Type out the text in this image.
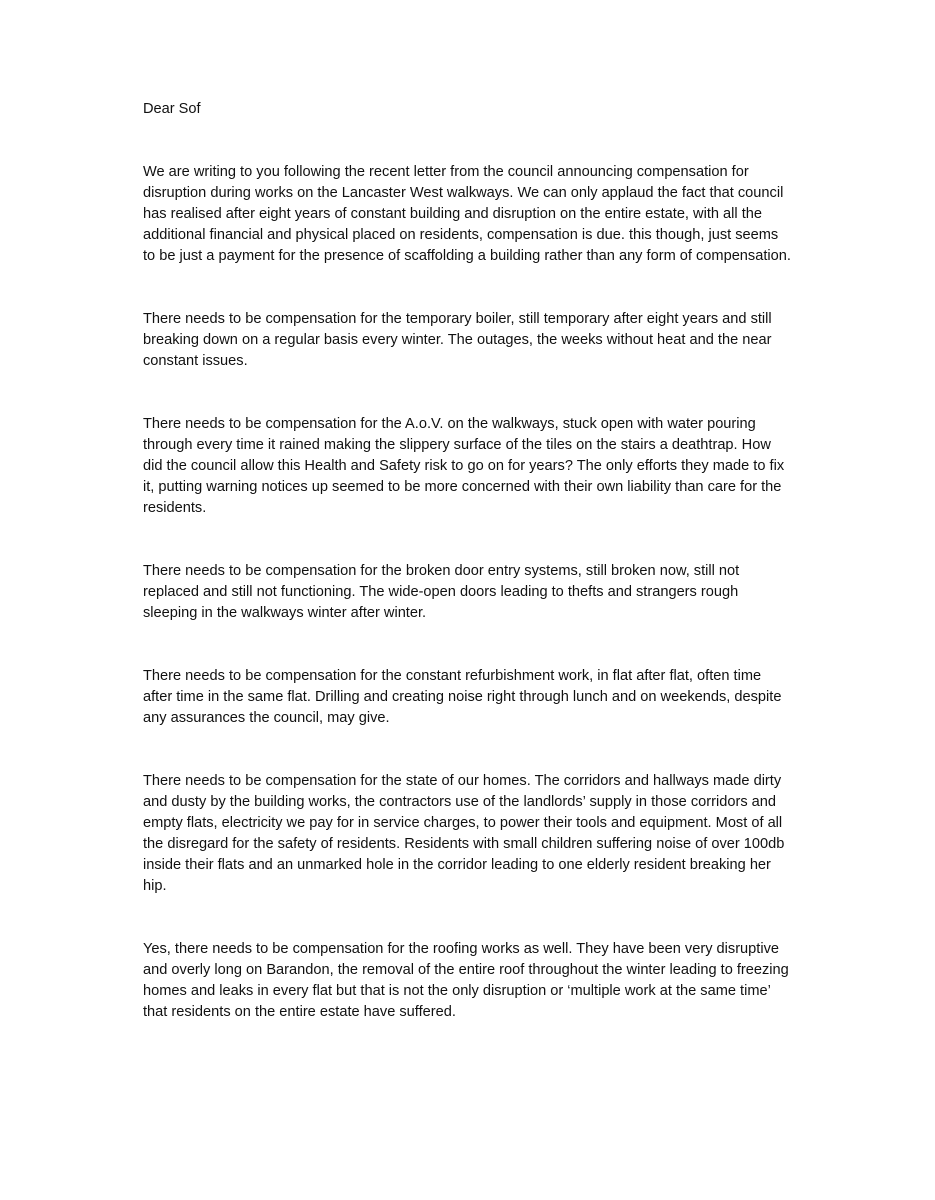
Dear Sof

We are writing to you following the recent letter from the council announcing compensation for disruption during works on the Lancaster West walkways. We can only applaud the fact that council has realised after eight years of constant building and disruption on the entire estate, with all the additional financial and physical placed on residents, compensation is due. this though, just seems to be just a payment for the presence of scaffolding a building rather than any form of compensation.

There needs to be compensation for the temporary boiler, still temporary after eight years and still breaking down on a regular basis every winter. The outages, the weeks without heat and the near constant issues.

There needs to be compensation for the A.o.V. on the walkways, stuck open with water pouring through every time it rained making the slippery surface of the tiles on the stairs a deathtrap. How did the council allow this Health and Safety risk to go on for years? The only efforts they made to fix it, putting warning notices up seemed to be more concerned with their own liability than care for the residents.

There needs to be compensation for the broken door entry systems, still broken now, still not replaced and still not functioning. The wide-open doors leading to thefts and strangers rough sleeping in the walkways winter after winter.

There needs to be compensation for the constant refurbishment work, in flat after flat, often time after time in the same flat. Drilling and creating noise right through lunch and on weekends, despite any assurances the council, may give.

There needs to be compensation for the state of our homes. The corridors and hallways made dirty and dusty by the building works, the contractors use of the landlords’ supply in those corridors and empty flats, electricity we pay for in service charges, to power their tools and equipment. Most of all the disregard for the safety of residents. Residents with small children suffering noise of over 100db inside their flats and an unmarked hole in the corridor leading to one elderly resident breaking her hip.

Yes, there needs to be compensation for the roofing works as well. They have been very disruptive and overly long on Barandon, the removal of the entire roof throughout the winter leading to freezing homes and leaks in every flat but that is not the only disruption or ‘multiple work at the same time’ that residents on the entire estate have suffered.
